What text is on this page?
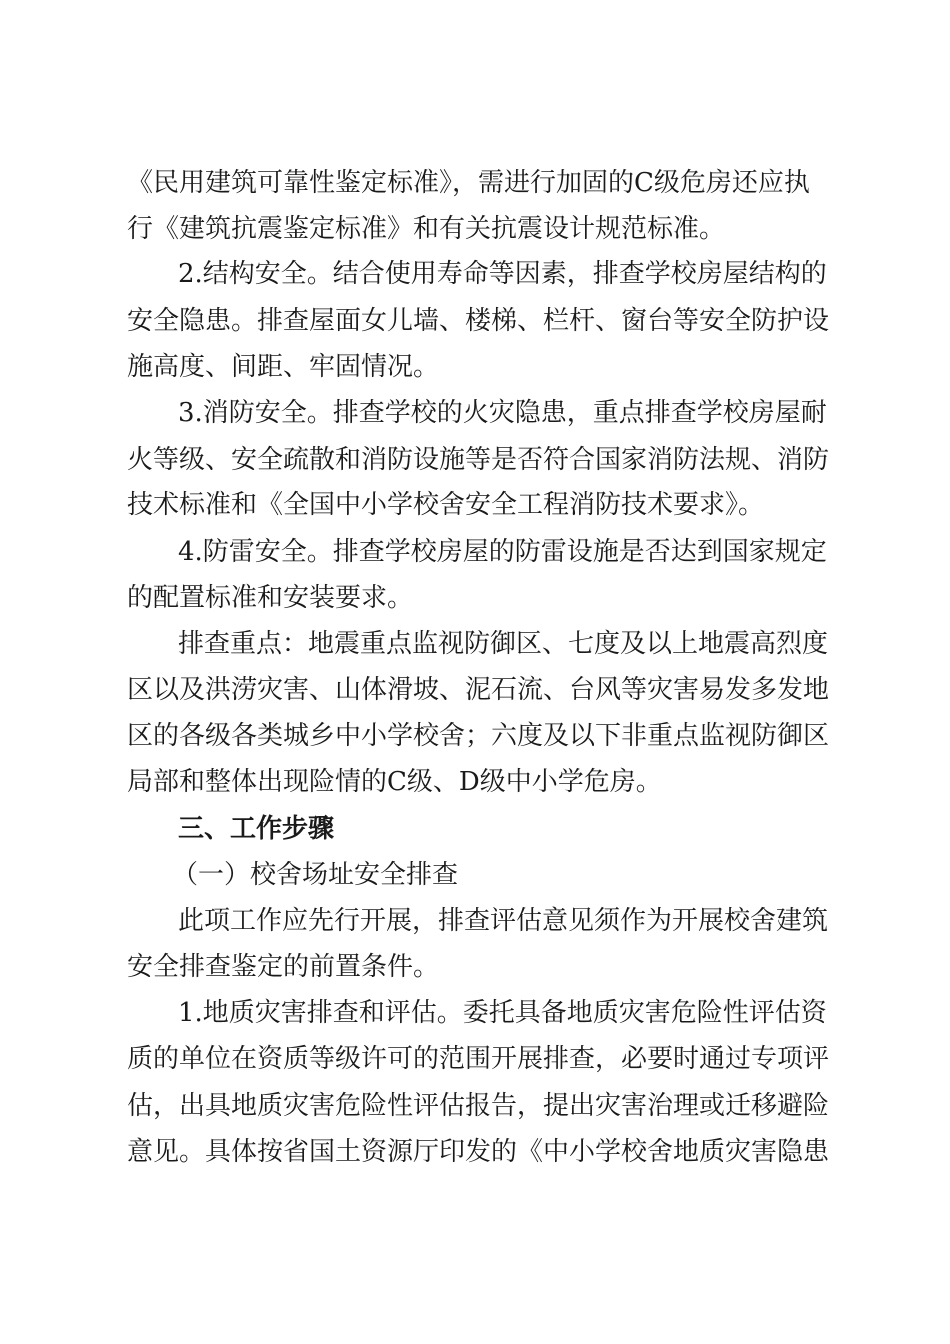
《民用建筑可靠性鉴定标准》，需进行加固的C级危房还应执
行《建筑抗震鉴定标准》和有关抗震设计规范标准。
2.结构安全。结合使用寿命等因素，排查学校房屋结构的
安全隐患。排查屋面女儿墙、楼梯、栏杆、窗台等安全防护设
施高度、间距、牢固情况。
3.消防安全。排查学校的火灾隐患，重点排查学校房屋耐
火等级、安全疏散和消防设施等是否符合国家消防法规、消防
技术标准和《全国中小学校舍安全工程消防技术要求》。
4.防雷安全。排查学校房屋的防雷设施是否达到国家规定
的配置标准和安装要求。
排查重点：地震重点监视防御区、七度及以上地震高烈度
区以及洪涝灾害、山体滑坡、泥石流、台风等灾害易发多发地
区的各级各类城乡中小学校舍；六度及以下非重点监视防御区
局部和整体出现险情的C级、D级中小学危房。
三、工作步骤
（一）校舍场址安全排查
此项工作应先行开展，排查评估意见须作为开展校舍建筑
安全排查鉴定的前置条件。
1.地质灾害排查和评估。委托具备地质灾害危险性评估资
质的单位在资质等级许可的范围开展排查，必要时通过专项评
估，出具地质灾害危险性评估报告，提出灾害治理或迁移避险
意见。具体按省国土资源厅印发的《中小学校舍地质灾害隐患
